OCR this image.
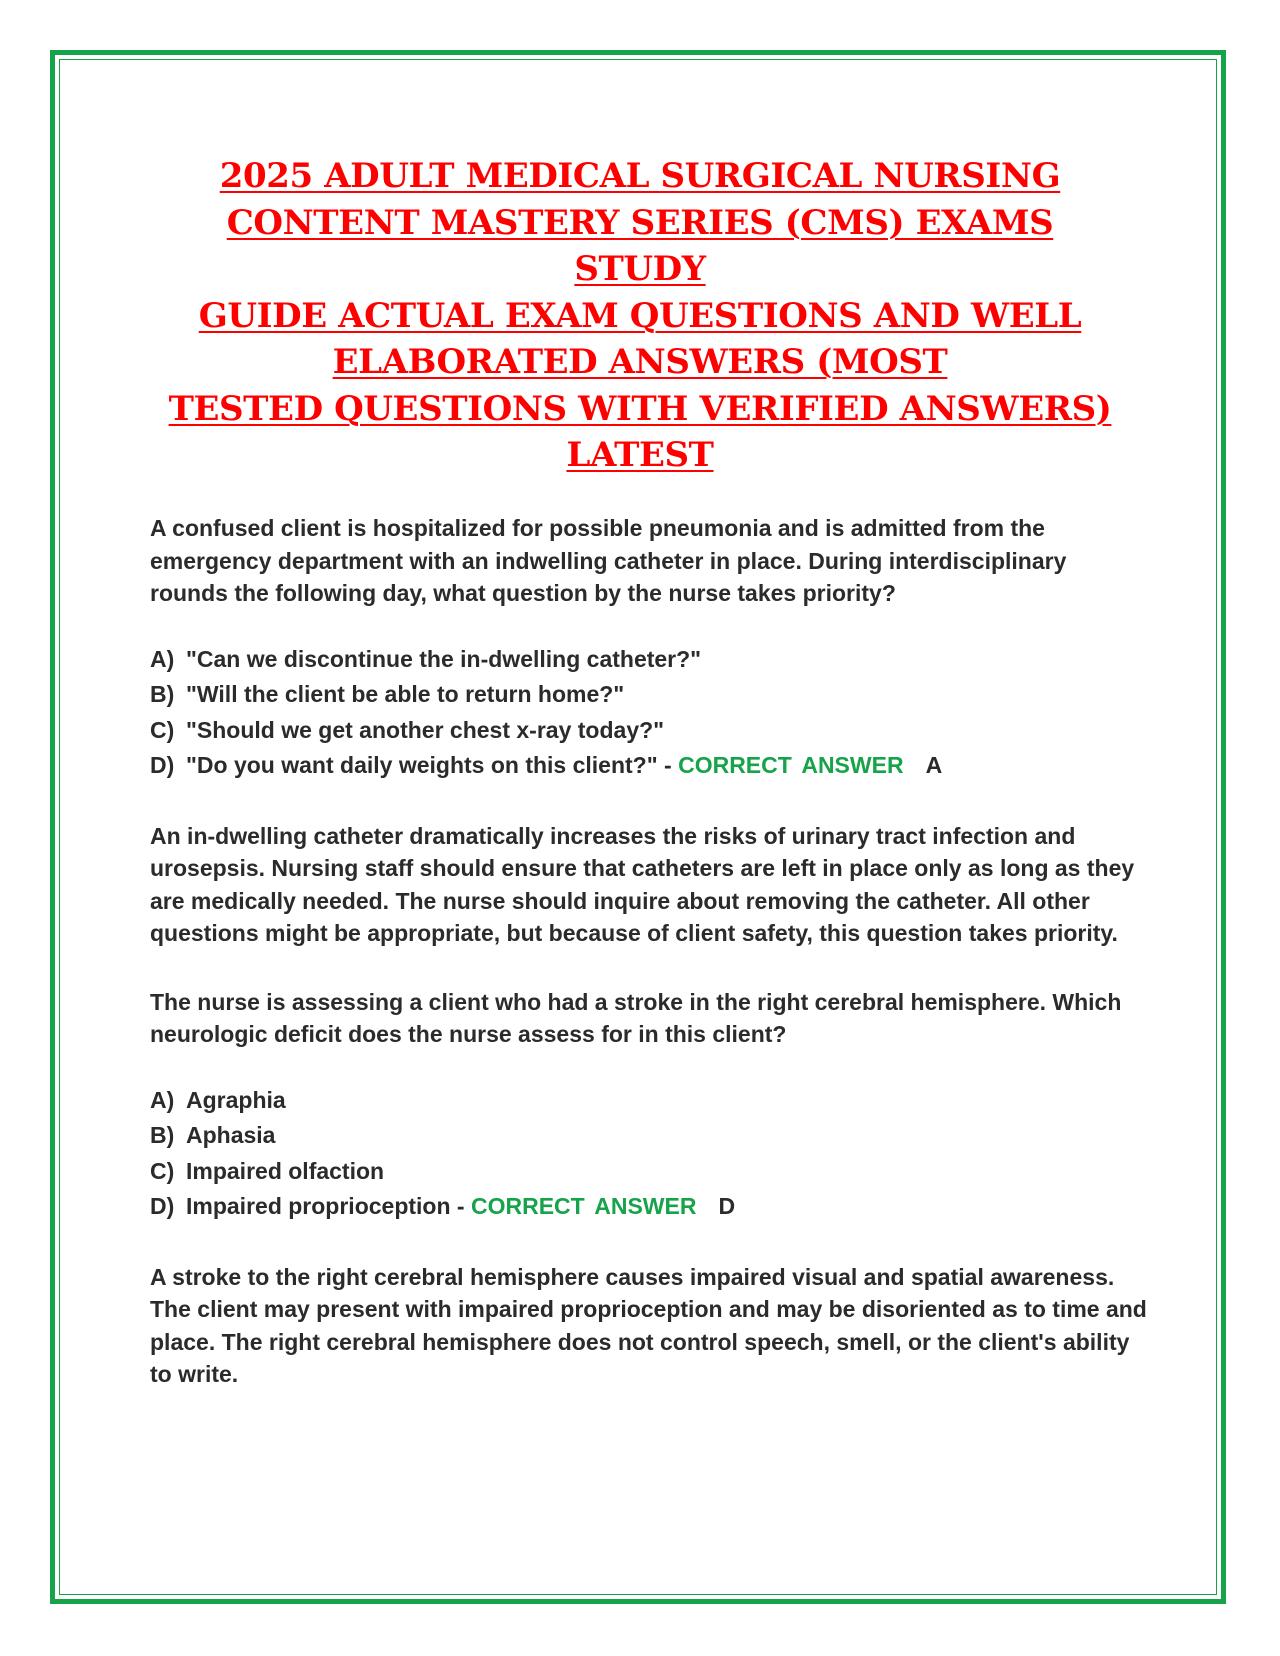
2025 ADULT MEDICAL SURGICAL NURSING
CONTENT MASTERY SERIES (CMS) EXAMS
STUDY
GUIDE ACTUAL EXAM QUESTIONS AND WELL
ELABORATED ANSWERS (MOST
TESTED QUESTIONS WITH VERIFIED ANSWERS)
LATEST

A confused client is hospitalized for possible pneumonia and is admitted from the emergency department with an indwelling catheter in place. During interdisciplinary rounds the following day, what question by the nurse takes priority?

A) "Can we discontinue the in-dwelling catheter?"
B) "Will the client be able to return home?"
C) "Should we get another chest x-ray today?"
D) "Do you want daily weights on this client?" - CORRECT ANSWER A

An in-dwelling catheter dramatically increases the risks of urinary tract infection and urosepsis. Nursing staff should ensure that catheters are left in place only as long as they are medically needed. The nurse should inquire about removing the catheter. All other questions might be appropriate, but because of client safety, this question takes priority.

The nurse is assessing a client who had a stroke in the right cerebral hemisphere. Which neurologic deficit does the nurse assess for in this client?

A) Agraphia
B) Aphasia
C) Impaired olfaction
D) Impaired proprioception - CORRECT ANSWER D

A stroke to the right cerebral hemisphere causes impaired visual and spatial awareness. The client may present with impaired proprioception and may be disoriented as to time and place. The right cerebral hemisphere does not control speech, smell, or the client's ability to write.
